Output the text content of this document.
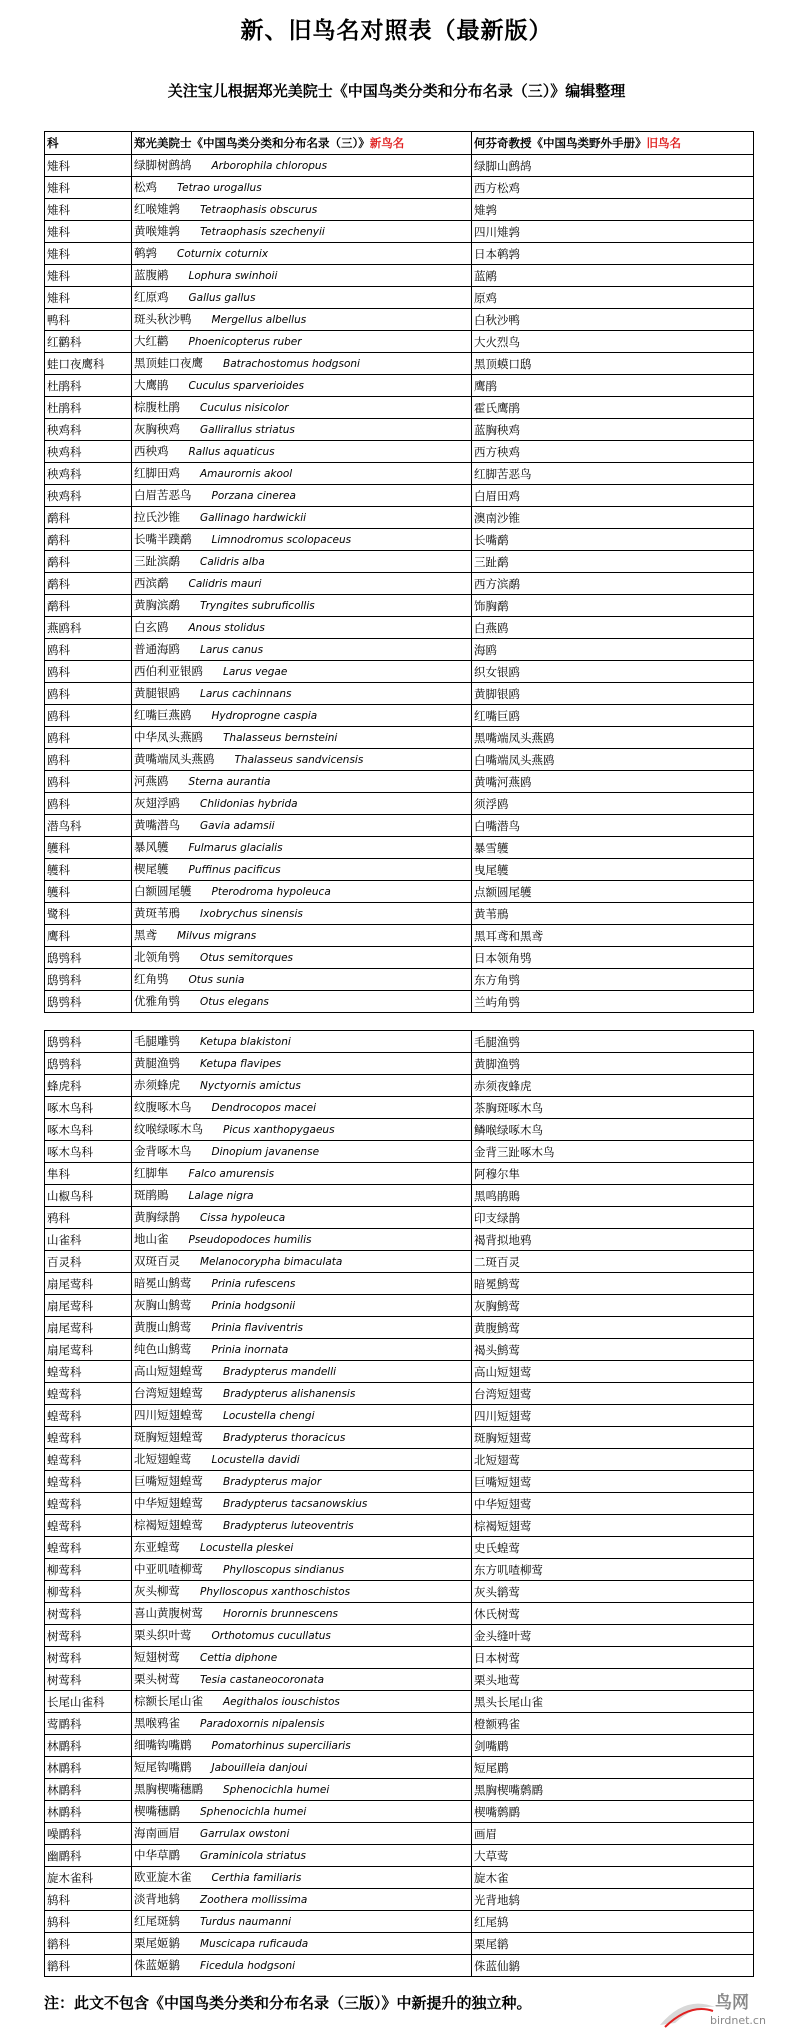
新、旧鸟名对照表（最新版）
关注宝儿根据郑光美院士《中国鸟类分类和分布名录（三）》编辑整理
科	郑光美院士《中国鸟类分类和分布名录（三）》新鸟名	何芬奇教授《中国鸟类野外手册》旧鸟名
雉科	绿脚树鹧鸪 Arborophila chloropus	绿脚山鹧鸪
雉科	松鸡 Tetrao urogallus	西方松鸡
雉科	红喉雉鹑 Tetraophasis obscurus	雉鹑
雉科	黄喉雉鹑 Tetraophasis szechenyii	四川雉鹑
雉科	鹌鹑 Coturnix coturnix	日本鹌鹑
雉科	蓝腹鹇 Lophura swinhoii	蓝鹇
雉科	红原鸡 Gallus gallus	原鸡
鸭科	斑头秋沙鸭 Mergellus albellus	白秋沙鸭
红鹳科	大红鹳 Phoenicopterus ruber	大火烈鸟
蛙口夜鹰科	黑顶蛙口夜鹰 Batrachostomus hodgsoni	黑顶蟆口鸱
杜鹃科	大鹰鹃 Cuculus sparverioides	鹰鹃
杜鹃科	棕腹杜鹃 Cuculus nisicolor	霍氏鹰鹃
秧鸡科	灰胸秧鸡 Gallirallus striatus	蓝胸秧鸡
秧鸡科	西秧鸡 Rallus aquaticus	西方秧鸡
秧鸡科	红脚田鸡 Amaurornis akool	红脚苦恶鸟
秧鸡科	白眉苦恶鸟 Porzana cinerea	白眉田鸡
鹬科	拉氏沙锥 Gallinago hardwickii	澳南沙锥
鹬科	长嘴半蹼鹬 Limnodromus scolopaceus	长嘴鹬
鹬科	三趾滨鹬 Calidris alba	三趾鹬
鹬科	西滨鹬 Calidris mauri	西方滨鹬
鹬科	黄胸滨鹬 Tryngites subruficollis	饰胸鹬
燕鸥科	白玄鸥 Anous stolidus	白燕鸥
鸥科	普通海鸥 Larus canus	海鸥
鸥科	西伯利亚银鸥 Larus vegae	织女银鸥
鸥科	黄腿银鸥 Larus cachinnans	黄脚银鸥
鸥科	红嘴巨燕鸥 Hydroprogne caspia	红嘴巨鸥
鸥科	中华凤头燕鸥 Thalasseus bernsteini	黑嘴端凤头燕鸥
鸥科	黄嘴端凤头燕鸥 Thalasseus sandvicensis	白嘴端凤头燕鸥
鸥科	河燕鸥 Sterna aurantia	黄嘴河燕鸥
鸥科	灰翅浮鸥 Chlidonias hybrida	须浮鸥
潜鸟科	黄嘴潜鸟 Gavia adamsii	白嘴潜鸟
鹱科	暴风鹱 Fulmarus glacialis	暴雪鹱
鹱科	楔尾鹱 Puffinus pacificus	曳尾鹱
鹱科	白额圆尾鹱 Pterodroma hypoleuca	点额圆尾鹱
鹭科	黄斑苇鳽 Ixobrychus sinensis	黄苇鳽
鹰科	黑鸢 Milvus migrans	黑耳鸢和黑鸢
鸱鸮科	北领角鸮 Otus semitorques	日本领角鸮
鸱鸮科	红角鸮 Otus sunia	东方角鸮
鸱鸮科	优雅角鸮 Otus elegans	兰屿角鸮
鸱鸮科	毛腿雕鸮 Ketupa blakistoni	毛腿渔鸮
鸱鸮科	黄腿渔鸮 Ketupa flavipes	黄脚渔鸮
蜂虎科	赤须蜂虎 Nyctyornis amictus	赤须夜蜂虎
啄木鸟科	纹腹啄木鸟 Dendrocopos macei	茶胸斑啄木鸟
啄木鸟科	纹喉绿啄木鸟 Picus xanthopygaeus	鳞喉绿啄木鸟
啄木鸟科	金背啄木鸟 Dinopium javanense	金背三趾啄木鸟
隼科	红脚隼 Falco amurensis	阿穆尔隼
山椒鸟科	斑鹃鵙 Lalage nigra	黑鸣鹃鵙
鸦科	黄胸绿鹊 Cissa hypoleuca	印支绿鹊
山雀科	地山雀 Pseudopodoces humilis	褐背拟地鸦
百灵科	双斑百灵 Melanocorypha bimaculata	二斑百灵
扇尾莺科	暗冕山鹪莺 Prinia rufescens	暗冕鹪莺
扇尾莺科	灰胸山鹪莺 Prinia hodgsonii	灰胸鹪莺
扇尾莺科	黄腹山鹪莺 Prinia flaviventris	黄腹鹪莺
扇尾莺科	纯色山鹪莺 Prinia inornata	褐头鹪莺
蝗莺科	高山短翅蝗莺 Bradypterus mandelli	高山短翅莺
蝗莺科	台湾短翅蝗莺 Bradypterus alishanensis	台湾短翅莺
蝗莺科	四川短翅蝗莺 Locustella chengi	四川短翅莺
蝗莺科	斑胸短翅蝗莺 Bradypterus thoracicus	斑胸短翅莺
蝗莺科	北短翅蝗莺 Locustella davidi	北短翅莺
蝗莺科	巨嘴短翅蝗莺 Bradypterus major	巨嘴短翅莺
蝗莺科	中华短翅蝗莺 Bradypterus tacsanowskius	中华短翅莺
蝗莺科	棕褐短翅蝗莺 Bradypterus luteoventris	棕褐短翅莺
蝗莺科	东亚蝗莺 Locustella pleskei	史氏蝗莺
柳莺科	中亚叽喳柳莺 Phylloscopus sindianus	东方叽喳柳莺
柳莺科	灰头柳莺 Phylloscopus xanthoschistos	灰头鹟莺
树莺科	喜山黄腹树莺 Horornis brunnescens	休氏树莺
树莺科	栗头织叶莺 Orthotomus cucullatus	金头缝叶莺
树莺科	短翅树莺 Cettia diphone	日本树莺
树莺科	栗头树莺 Tesia castaneocoronata	栗头地莺
长尾山雀科	棕额长尾山雀 Aegithalos iouschistos	黑头长尾山雀
莺鹛科	黑喉鸦雀 Paradoxornis nipalensis	橙额鸦雀
林鹛科	细嘴钩嘴鹛 Pomatorhinus superciliaris	剑嘴鹛
林鹛科	短尾钩嘴鹛 Jabouilleia danjoui	短尾鹛
林鹛科	黑胸楔嘴穗鹛 Sphenocichla humei	黑胸楔嘴鹩鹛
林鹛科	楔嘴穗鹛 Sphenocichla humei	楔嘴鹩鹛
噪鹛科	海南画眉 Garrulax owstoni	画眉
幽鹛科	中华草鹛 Graminicola striatus	大草莺
旋木雀科	欧亚旋木雀 Certhia familiaris	旋木雀
鸫科	淡背地鸫 Zoothera mollissima	光背地鸫
鸫科	红尾斑鸫 Turdus naumanni	红尾鸫
鹟科	栗尾姬鹟 Muscicapa ruficauda	栗尾鹟
鹟科	侏蓝姬鹟 Ficedula hodgsoni	侏蓝仙鹟
注：此文不包含《中国鸟类分类和分布名录（三版）》中新提升的独立种。	鸟网
birdnet.cn
